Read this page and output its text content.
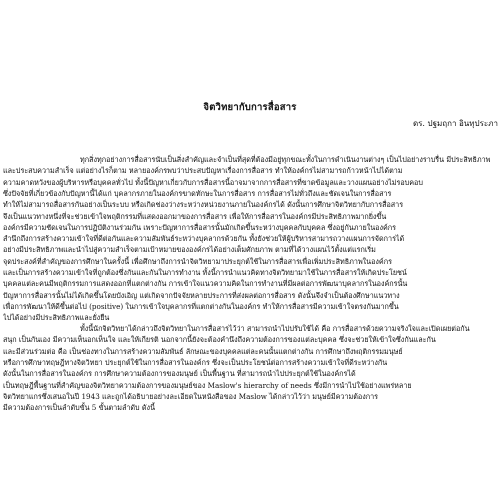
จิตวิทยากับการสื่อสาร
ดร. ปฐมฤกา อินทุประภา
ทุกสิ่งทุกอย่างการสื่อสารนับเป็นสิ่งสำคัญและจำเป็นที่สุดที่ต้องมีอยู่ทุกขณะทั้งในการดำเนินงานต่างๆ เป็นไปอย่างราบรื่น มีประสิทธิภาพ
และประสบความสำเร็จ แต่อย่างไรก็ตาม หลายองค์กรพบว่าประสบปัญหาเรื่องการสื่อสาร ทำให้องค์กรไม่สามารถก้าวหน้าไปได้ตาม
ความคาดหวังของผู้บริหารหรือบุคคลทั่วไป ทั้งนี้ปัญหาเกี่ยวกับการสื่อสารนี้อาจมาจากการสื่อสารที่ขาดข้อมูลและวางแผนอย่างไม่รอบคอบ
ซึ่งปัจจัยที่เกี่ยวข้องกับปัญหานี้ได้แก่ บุคลากรภายในองค์กรขาดทักษะในการสื่อสาร การสื่อสารไม่ทั่วถึงและชัดเจนในการสื่อสาร
ทำให้ไม่สามารถสื่อสารกันอย่างเป็นระบบ หรือเกิดช่องว่างระหว่างหน่วยงานภายในองค์กรได้ ดังนั้นการศึกษาจิตวิทยากับการสื่อสาร
จึงเป็นแนวทางหนึ่งที่จะช่วยเข้าใจพฤติกรรมที่แสดงออกมาของการสื่อสาร เพื่อให้การสื่อสารในองค์กรมีประสิทธิภาพมากยิ่งขึ้น
องค์กรมีความชัดเจนในการปฏิบัติงานร่วมกัน เพราะปัญหาการสื่อสารนั้นมักเกิดขึ้นระหว่างบุคคลกับบุคคล ซึ่งอยู่กันภายในองค์กร
สำนึกถึงการสร้างความเข้าใจที่ดีต่อกันและความสัมพันธ์ระหว่างบุคลากรด้วยกัน ทั้งยังช่วยให้ผู้บริหารสามารถวางแผนการจัดการได้
อย่างมีประสิทธิภาพและนำไปสู่ความสำเร็จตามเป้าหมายขององค์กรได้อย่างเต็มศักยภาพ ตามที่ได้วางแผนไว้ตั้งแต่แรกเริ่ม
จุดประสงค์ที่สำคัญของการศึกษาในครั้งนี้ เพื่อศึกษาถึงการนำจิตวิทยามาประยุกต์ใช้ในการสื่อสารเพื่อเพิ่มประสิทธิภาพในองค์กร
และเป็นการสร้างความเข้าใจที่ถูกต้องซึ่งกันและกันในการทำงาน ทั้งนี้การนำแนวคิดทางจิตวิทยามาใช้ในการสื่อสารให้เกิดประโยชน์
บุคคลแต่ละคนมีพฤติกรรมการแสดงออกที่แตกต่างกัน การเข้าใจแนวความคิดในการทำงานที่มีผลต่อการพัฒนาบุคลากรในองค์กรนั้น
ปัญหาการสื่อสารนั้นไม่ได้เกิดขึ้นโดยบังเอิญ แต่เกิดจากปัจจัยหลายประการที่ส่งผลต่อการสื่อสาร ดังนั้นจึงจำเป็นต้องศึกษาแนวทาง
เพื่อการพัฒนาให้ดีขึ้นต่อไป (positive) ในการเข้าใจบุคลากรที่แตกต่างกันในองค์กร ทำให้การสื่อสารมีความเข้าใจตรงกันมากขึ้น
ไปได้อย่างมีประสิทธิภาพและยั่งยืน
ทั้งนี้นักจิตวิทยาได้กล่าวถึงจิตวิทยาในการสื่อสารไว้ว่า สามารถนำไปปรับใช้ได้ คือ การสื่อสารด้วยความจริงใจและเปิดเผยต่อกัน
สนุก เป็นกันเอง มีความเห็นอกเห็นใจ และให้เกียรติ นอกจากนี้ยังจะต้องคำนึงถึงความต้องการของแต่ละบุคคล ซึ่งจะช่วยให้เข้าใจซึ่งกันและกัน
และมีส่วนร่วมต่อ คือ เป็นช่องทางในการสร้างความสัมพันธ์ ลักษณะของบุคคลแต่ละคนนั้นแตกต่างกัน การศึกษาถึงพฤติกรรมมนุษย์
หรือการศึกษาทฤษฎีทางจิตวิทยา ประยุกต์ใช้ในการสื่อสารในองค์กร ซึ่งจะเป็นประโยชน์ต่อการสร้างความเข้าใจที่ดีระหว่างกัน
ดังนั้นในการสื่อสารในองค์กร การศึกษาความต้องการของมนุษย์ เป็นพื้นฐาน ที่สามารถนำไปประยุกต์ใช้ในองค์กรได้
เป็นทฤษฎีพื้นฐานที่สำคัญของจิตวิทยาความต้องการของมนุษย์ของ Maslow's hierarchy of needs ซึ่งมีการนำไปใช้อย่างแพร่หลาย
จิตวิทยาแกรซึ่งเสนอในปี 1943 และถูกได้อธิบายอย่างละเอียดในหนังสือของ Maslow ได้กล่าวไว้ว่า มนุษย์มีความต้องการ
มีความต้องการเป็นลำดับขั้น 5 ขั้นตามลำดับ ดังนี้
